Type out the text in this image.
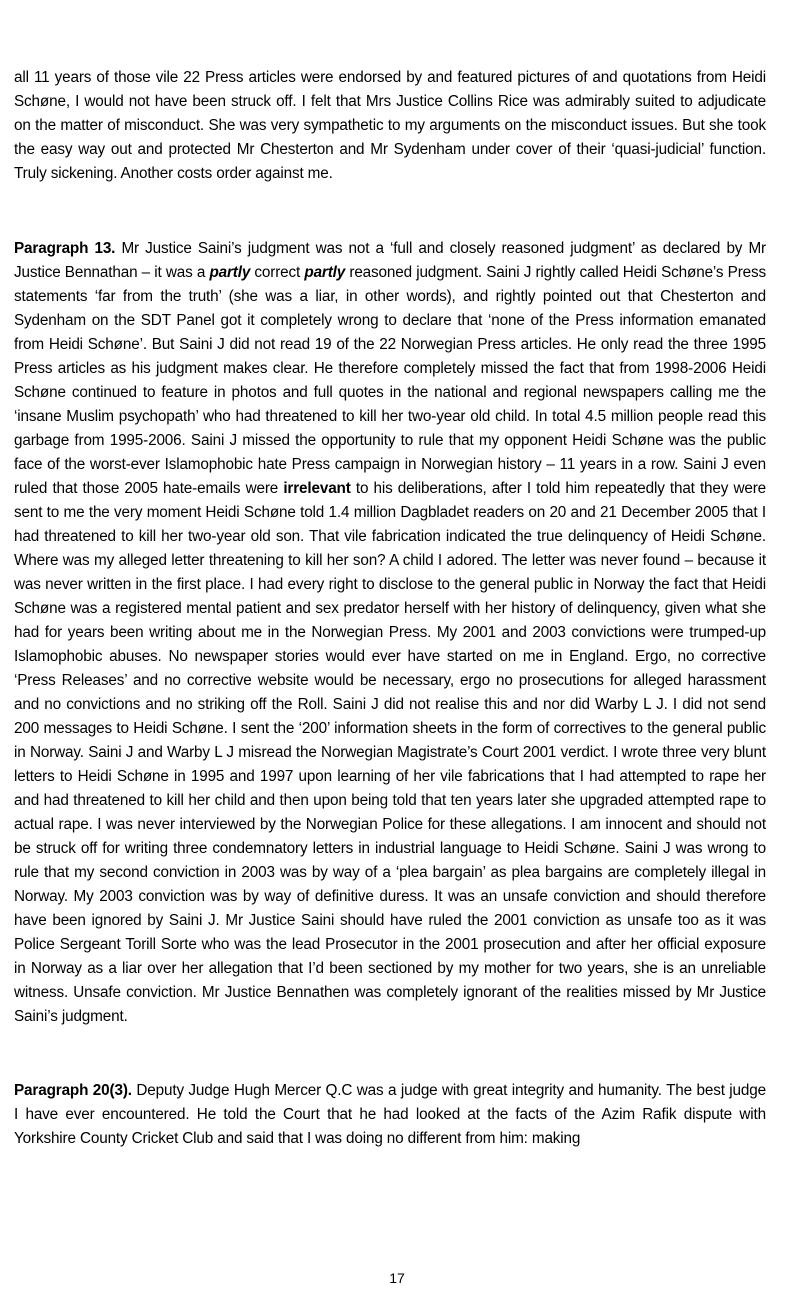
all 11 years of those vile 22 Press articles were endorsed by and featured pictures of and quotations from Heidi Schøne, I would not have been struck off. I felt that Mrs Justice Collins Rice was admirably suited to adjudicate on the matter of misconduct. She was very sympathetic to my arguments on the misconduct issues. But she took the easy way out and protected Mr Chesterton and Mr Sydenham under cover of their ‘quasi-judicial’ function. Truly sickening. Another costs order against me.

Paragraph 13. Mr Justice Saini’s judgment was not a ‘full and closely reasoned judgment’ as declared by Mr Justice Bennathan – it was a partly correct partly reasoned judgment. Saini J rightly called Heidi Schøne’s Press statements ‘far from the truth’ (she was a liar, in other words), and rightly pointed out that Chesterton and Sydenham on the SDT Panel got it completely wrong to declare that ‘none of the Press information emanated from Heidi Schøne’. But Saini J did not read 19 of the 22 Norwegian Press articles. He only read the three 1995 Press articles as his judgment makes clear. He therefore completely missed the fact that from 1998-2006 Heidi Schøne continued to feature in photos and full quotes in the national and regional newspapers calling me the ‘insane Muslim psychopath’ who had threatened to kill her two-year old child. In total 4.5 million people read this garbage from 1995-2006. Saini J missed the opportunity to rule that my opponent Heidi Schøne was the public face of the worst-ever Islamophobic hate Press campaign in Norwegian history – 11 years in a row. Saini J even ruled that those 2005 hate-emails were irrelevant to his deliberations, after I told him repeatedly that they were sent to me the very moment Heidi Schøne told 1.4 million Dagbladet readers on 20 and 21 December 2005 that I had threatened to kill her two-year old son. That vile fabrication indicated the true delinquency of Heidi Schøne. Where was my alleged letter threatening to kill her son? A child I adored. The letter was never found – because it was never written in the first place. I had every right to disclose to the general public in Norway the fact that Heidi Schøne was a registered mental patient and sex predator herself with her history of delinquency, given what she had for years been writing about me in the Norwegian Press. My 2001 and 2003 convictions were trumped-up Islamophobic abuses. No newspaper stories would ever have started on me in England. Ergo, no corrective ‘Press Releases’ and no corrective website would be necessary, ergo no prosecutions for alleged harassment and no convictions and no striking off the Roll. Saini J did not realise this and nor did Warby L J. I did not send 200 messages to Heidi Schøne. I sent the ‘200’ information sheets in the form of correctives to the general public in Norway. Saini J and Warby L J misread the Norwegian Magistrate’s Court 2001 verdict. I wrote three very blunt letters to Heidi Schøne in 1995 and 1997 upon learning of her vile fabrications that I had attempted to rape her and had threatened to kill her child and then upon being told that ten years later she upgraded attempted rape to actual rape. I was never interviewed by the Norwegian Police for these allegations. I am innocent and should not be struck off for writing three condemnatory letters in industrial language to Heidi Schøne. Saini J was wrong to rule that my second conviction in 2003 was by way of a ‘plea bargain’ as plea bargains are completely illegal in Norway. My 2003 conviction was by way of definitive duress. It was an unsafe conviction and should therefore have been ignored by Saini J. Mr Justice Saini should have ruled the 2001 conviction as unsafe too as it was Police Sergeant Torill Sorte who was the lead Prosecutor in the 2001 prosecution and after her official exposure in Norway as a liar over her allegation that I’d been sectioned by my mother for two years, she is an unreliable witness. Unsafe conviction. Mr Justice Bennathen was completely ignorant of the realities missed by Mr Justice Saini’s judgment.

Paragraph 20(3). Deputy Judge Hugh Mercer Q.C was a judge with great integrity and humanity. The best judge I have ever encountered. He told the Court that he had looked at the facts of the Azim Rafik dispute with Yorkshire County Cricket Club and said that I was doing no different from him: making

17
